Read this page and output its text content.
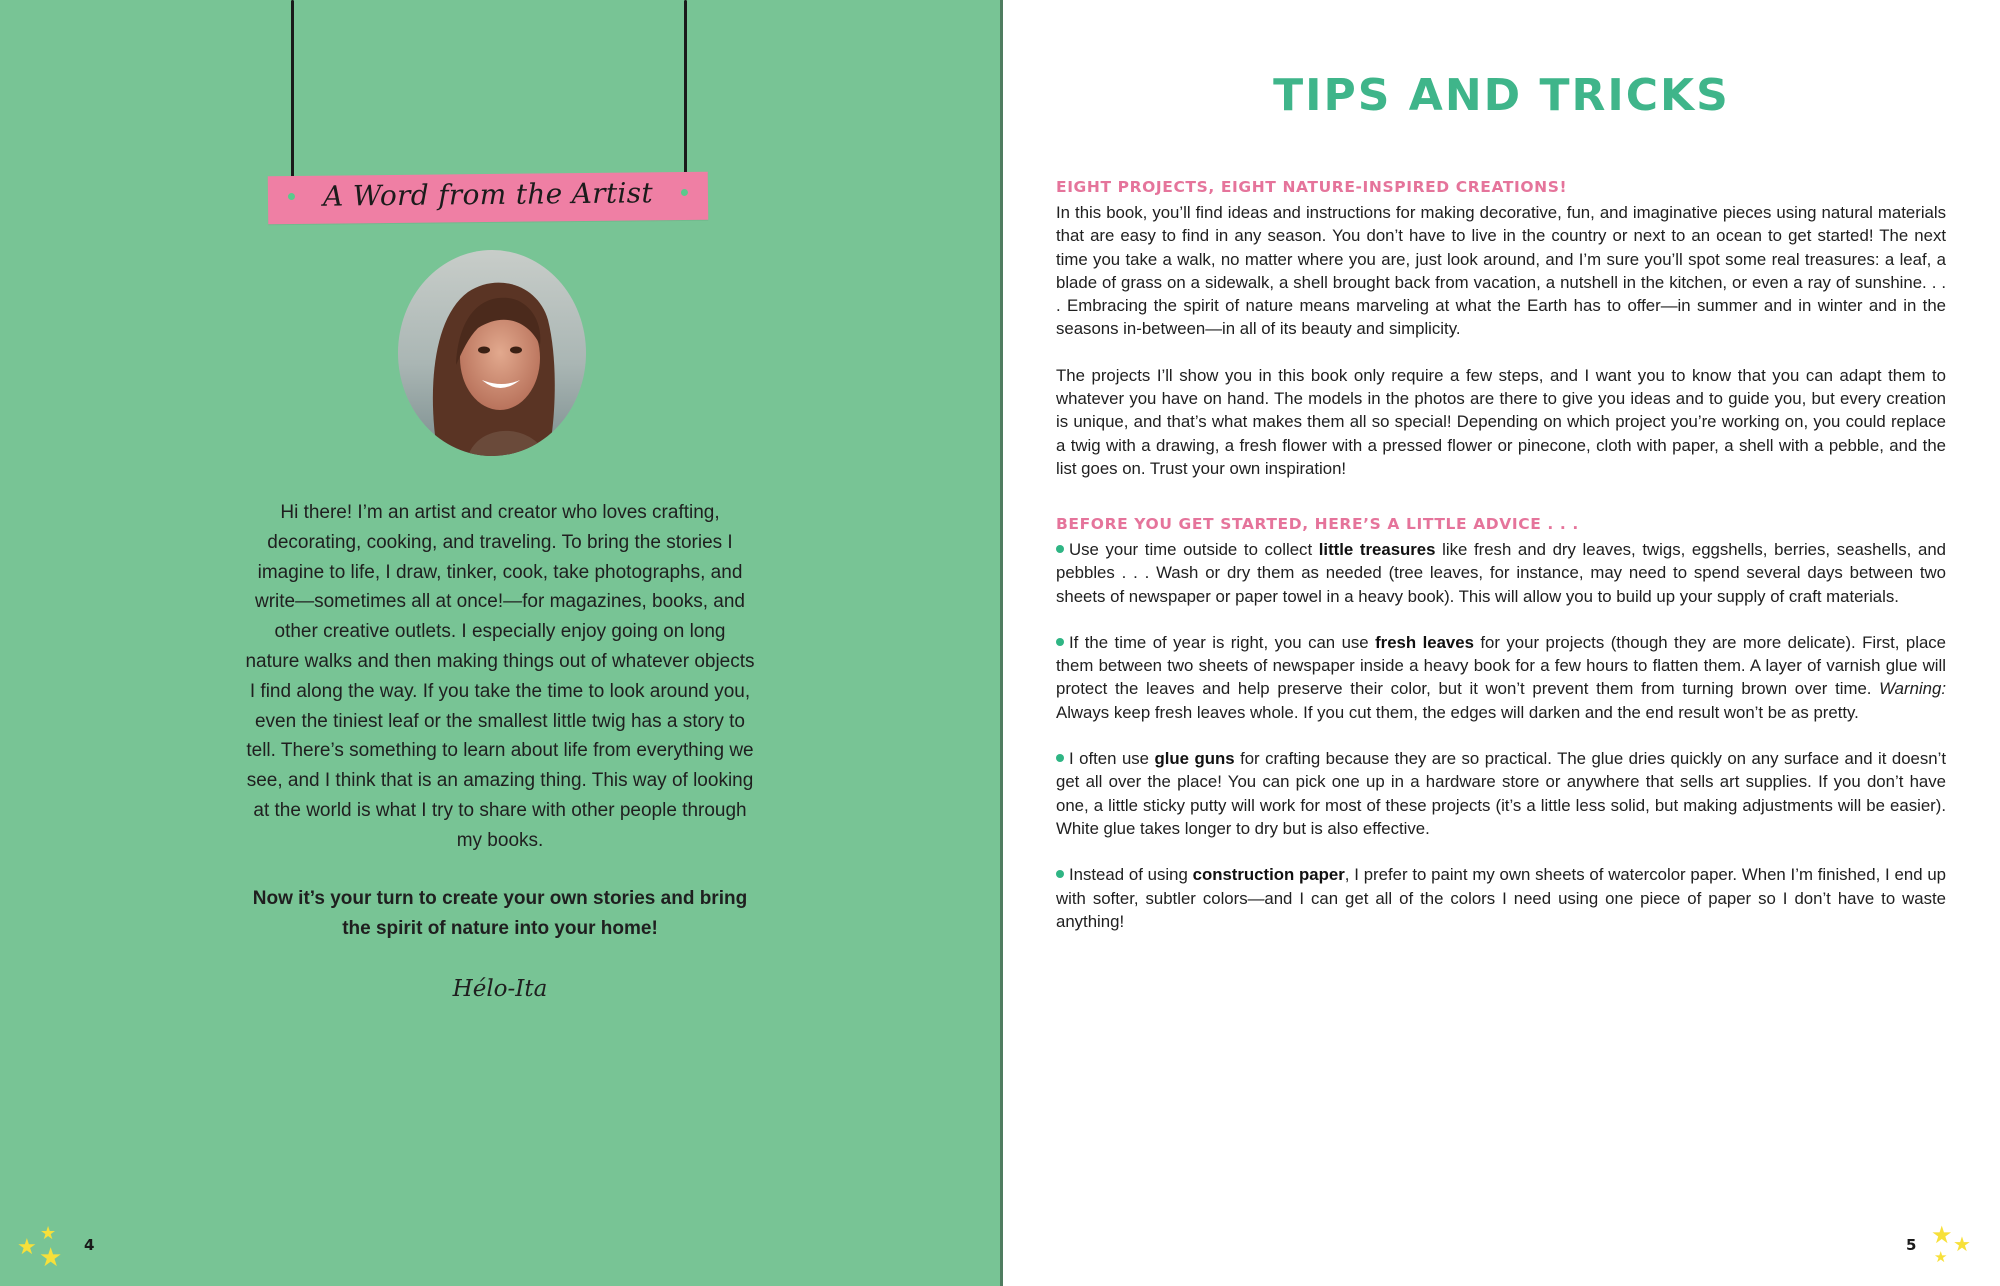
A Word from the Artist

Hi there! I’m an artist and creator who loves crafting, decorating, cooking, and traveling. To bring the stories I imagine to life, I draw, tinker, cook, take photographs, and write—sometimes all at once!—for magazines, books, and other creative outlets. I especially enjoy going on long nature walks and then making things out of whatever objects I find along the way. If you take the time to look around you, even the tiniest leaf or the smallest little twig has a story to tell. There’s something to learn about life from everything we see, and I think that is an amazing thing. This way of looking at the world is what I try to share with other people through my books.

Now it’s your turn to create your own stories and bring the spirit of nature into your home!

Hélo-Ita

★
★
★ 4
TIPS AND TRICKS
EIGHT PROJECTS, EIGHT NATURE-INSPIRED CREATIONS!

In this book, you’ll find ideas and instructions for making decorative, fun, and imaginative pieces using natural materials that are easy to find in any season. You don’t have to live in the country or next to an ocean to get started! The next time you take a walk, no matter where you are, just look around, and I’m sure you’ll spot some real treasures: a leaf, a blade of grass on a sidewalk, a shell brought back from vacation, a nutshell in the kitchen, or even a ray of sunshine. . . . Embracing the spirit of nature means marveling at what the Earth has to offer—in summer and in winter and in the seasons in-between—in all of its beauty and simplicity.

The projects I’ll show you in this book only require a few steps, and I want you to know that you can adapt them to whatever you have on hand. The models in the photos are there to give you ideas and to guide you, but every creation is unique, and that’s what makes them all so special! Depending on which project you’re working on, you could replace a twig with a drawing, a fresh flower with a pressed flower or pinecone, cloth with paper, a shell with a pebble, and the list goes on. Trust your own inspiration!

BEFORE YOU GET STARTED, HERE’S A LITTLE ADVICE . . .

Use your time outside to collect little treasures like fresh and dry leaves, twigs, eggshells, berries, seashells, and pebbles . . . Wash or dry them as needed (tree leaves, for instance, may need to spend several days between two sheets of newspaper or paper towel in a heavy book). This will allow you to build up your supply of craft materials.

If the time of year is right, you can use fresh leaves for your projects (though they are more delicate). First, place them between two sheets of newspaper inside a heavy book for a few hours to flatten them. A layer of varnish glue will protect the leaves and help preserve their color, but it won’t prevent them from turning brown over time. Warning: Always keep fresh leaves whole. If you cut them, the edges will darken and the end result won’t be as pretty.

I often use glue guns for crafting because they are so practical. The glue dries quickly on any surface and it doesn’t get all over the place! You can pick one up in a hardware store or anywhere that sells art supplies. If you don’t have one, a little sticky putty will work for most of these projects (it’s a little less solid, but making adjustments will be easier). White glue takes longer to dry but is also effective.

Instead of using construction paper, I prefer to paint my own sheets of watercolor paper. When I’m finished, I end up with softer, subtler colors—and I can get all of the colors I need using one piece of paper so I don’t have to waste anything!

5 ★ ★
★
